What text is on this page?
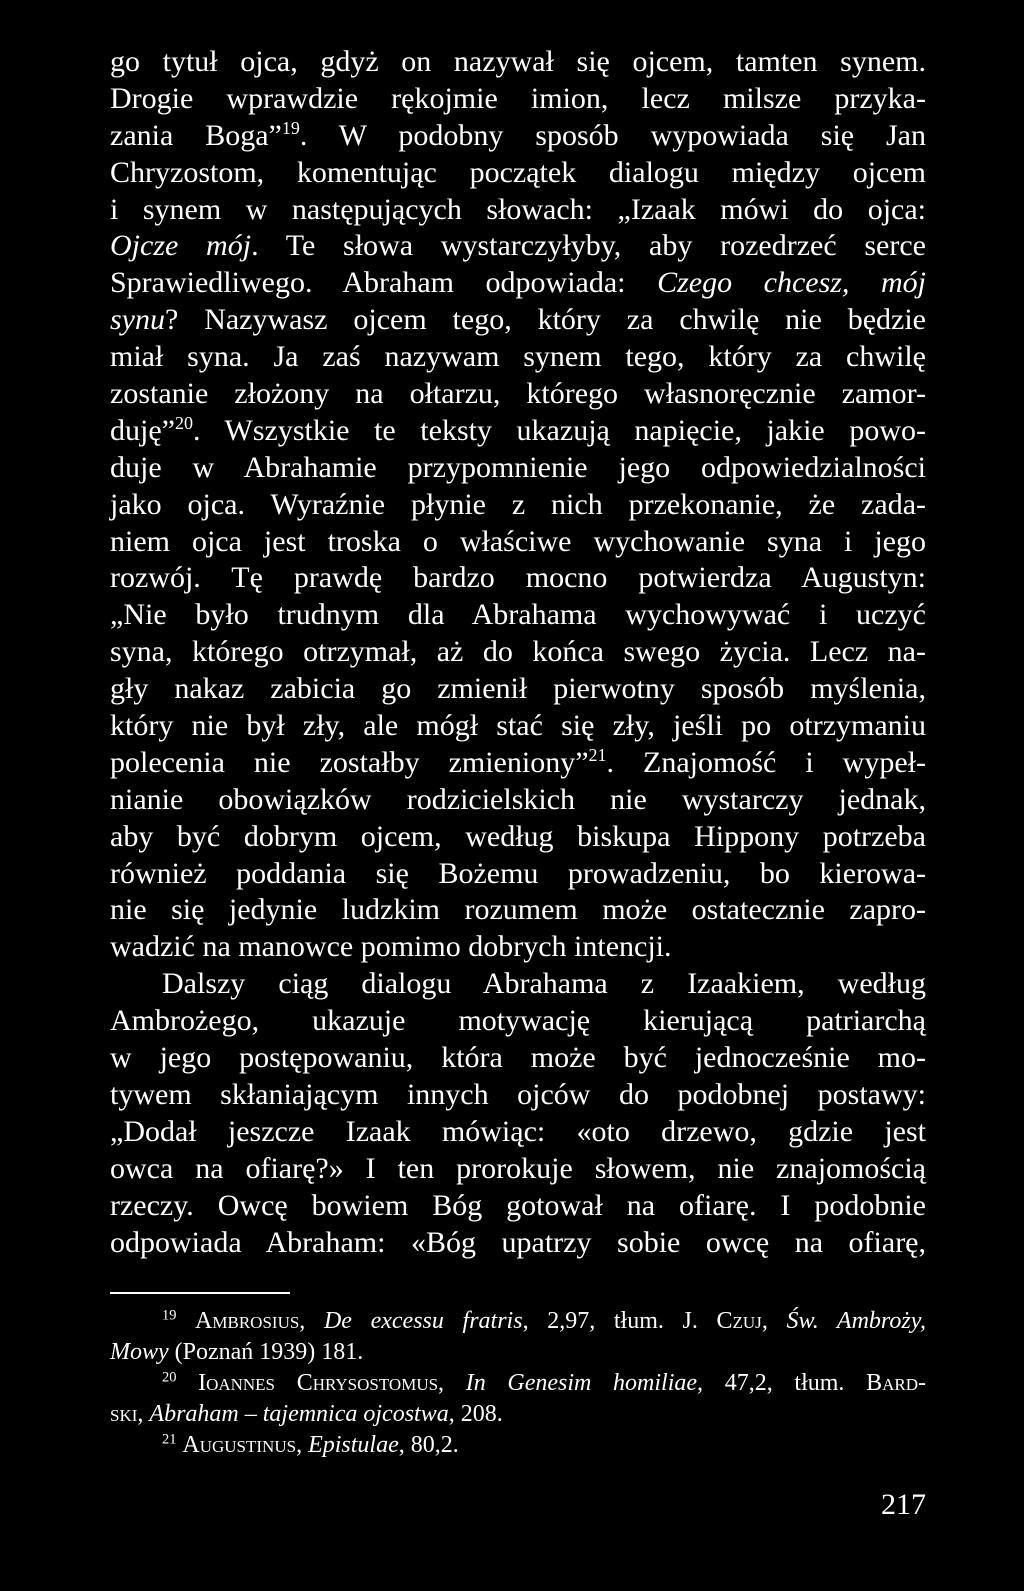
go tytuł ojca, gdyż on nazywał się ojcem, tamten synem.
Drogie wprawdzie rękojmie imion, lecz milsze przyka-
zania Boga”$^{19}$. W podobny sposób wypowiada się Jan
Chryzostom, komentując początek dialogu między ojcem
i synem w następujących słowach: „Izaak mówi do ojca:
Ojcze mój. Te słowa wystarczyłyby, aby rozedrzeć serce
Sprawiedliwego. Abraham odpowiada: Czego chcesz, mój
synu? Nazywasz ojcem tego, który za chwilę nie będzie
miał syna. Ja zaś nazywam synem tego, który za chwilę
zostanie złożony na ołtarzu, którego własnoręcznie zamor-
duję”$^{20}$. Wszystkie te teksty ukazują napięcie, jakie powo-
duje w Abrahamie przypomnienie jego odpowiedzialności
jako ojca. Wyraźnie płynie z nich przekonanie, że zada-
niem ojca jest troska o właściwe wychowanie syna i jego
rozwój. Tę prawdę bardzo mocno potwierdza Augustyn:
„Nie było trudnym dla Abrahama wychowywać i uczyć
syna, którego otrzymał, aż do końca swego życia. Lecz na-
gły nakaz zabicia go zmienił pierwotny sposób myślenia,
który nie był zły, ale mógł stać się zły, jeśli po otrzymaniu
polecenia nie zostałby zmieniony”$^{21}$. Znajomość i wypeł-
nianie obowiązków rodzicielskich nie wystarczy jednak,
aby być dobrym ojcem, według biskupa Hippony potrzeba
również poddania się Bożemu prowadzeniu, bo kierowa-
nie się jedynie ludzkim rozumem może ostatecznie zapro-
wadzić na manowce pomimo dobrych intencji.
Dalszy ciąg dialogu Abrahama z Izaakiem, według
Ambrożego, ukazuje motywację kierującą patriarchą
w jego postępowaniu, która może być jednocześnie mo-
tywem skłaniającym innych ojców do podobnej postawy:
„Dodał jeszcze Izaak mówiąc: «oto drzewo, gdzie jest
owca na ofiarę?» I ten prorokuje słowem, nie znajomością
rzeczy. Owcę bowiem Bóg gotował na ofiarę. I podobnie
odpowiada Abraham: «Bóg upatrzy sobie owcę na ofiarę,
$^{19}$ Ambrosius, De excessu fratris, 2,97, tłum. J. Czuj, Św. Ambroży,
Mowy (Poznań 1939) 181.
$^{20}$ Ioannes Chrysostomus, In Genesim homiliae, 47,2, tłum. Bard-
ski, Abraham – tajemnica ojcostwa, 208.
$^{21}$ Augustinus, Epistulae, 80,2.
217
